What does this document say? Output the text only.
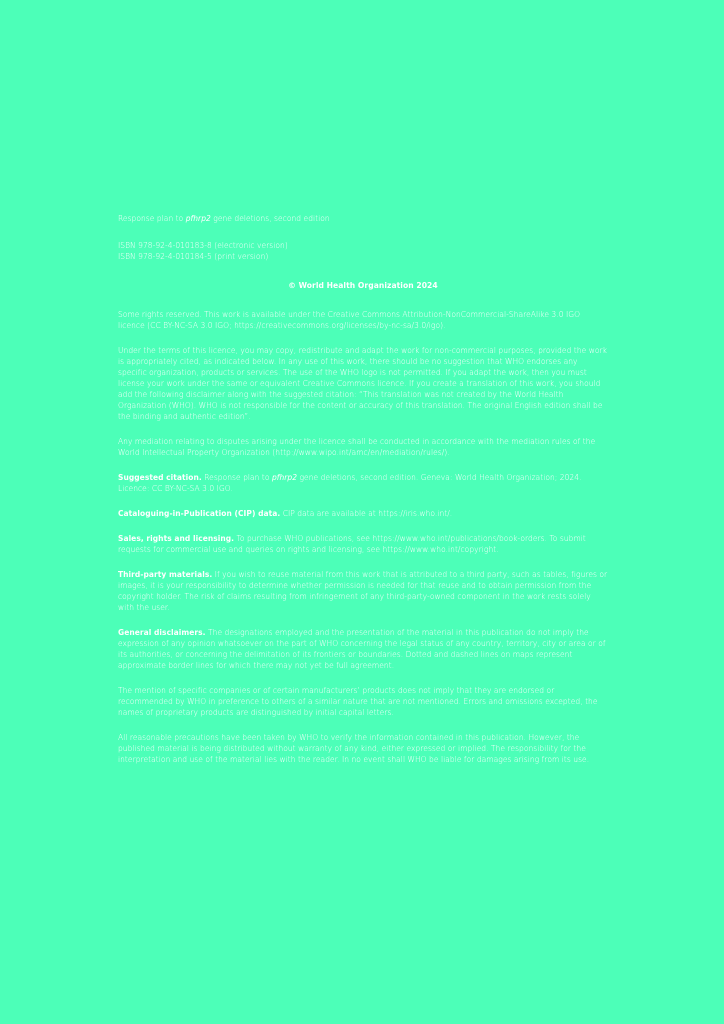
Response plan to pfhrp2 gene deletions, second edition

ISBN 978-92-4-010183-8 (electronic version)

ISBN 978-92-4-010184-5 (print version)

© World Health Organization 2024

Some rights reserved. This work is available under the Creative Commons Attribution-NonCommercial-ShareAlike 3.0 IGO licence (CC BY-NC-SA 3.0 IGO; https://creativecommons.org/licenses/by-nc-sa/3.0/igo).

Under the terms of this licence, you may copy, redistribute and adapt the work for non-commercial purposes, provided the work is appropriately cited, as indicated below. In any use of this work, there should be no suggestion that WHO endorses any specific organization, products or services. The use of the WHO logo is not permitted. If you adapt the work, then you must license your work under the same or equivalent Creative Commons licence. If you create a translation of this work, you should add the following disclaimer along with the suggested citation: “This translation was not created by the World Health Organization (WHO). WHO is not responsible for the content or accuracy of this translation. The original English edition shall be the binding and authentic edition”.

Any mediation relating to disputes arising under the licence shall be conducted in accordance with the mediation rules of the World Intellectual Property Organization (http://www.wipo.int/amc/en/mediation/rules/).

Suggested citation. Response plan to pfhrp2 gene deletions, second edition. Geneva: World Health Organization; 2024. Licence: CC BY-NC-SA 3.0 IGO.

Cataloguing-in-Publication (CIP) data. CIP data are available at https://iris.who.int/.

Sales, rights and licensing. To purchase WHO publications, see https://www.who.int/publications/book-orders. To submit requests for commercial use and queries on rights and licensing, see https://www.who.int/copyright.

Third-party materials. If you wish to reuse material from this work that is attributed to a third party, such as tables, figures or images, it is your responsibility to determine whether permission is needed for that reuse and to obtain permission from the copyright holder. The risk of claims resulting from infringement of any third-party-owned component in the work rests solely with the user.

General disclaimers. The designations employed and the presentation of the material in this publication do not imply the expression of any opinion whatsoever on the part of WHO concerning the legal status of any country, territory, city or area or of its authorities, or concerning the delimitation of its frontiers or boundaries. Dotted and dashed lines on maps represent approximate border lines for which there may not yet be full agreement.

The mention of specific companies or of certain manufacturers’ products does not imply that they are endorsed or recommended by WHO in preference to others of a similar nature that are not mentioned. Errors and omissions excepted, the names of proprietary products are distinguished by initial capital letters.

All reasonable precautions have been taken by WHO to verify the information contained in this publication. However, the published material is being distributed without warranty of any kind, either expressed or implied. The responsibility for the interpretation and use of the material lies with the reader. In no event shall WHO be liable for damages arising from its use.
